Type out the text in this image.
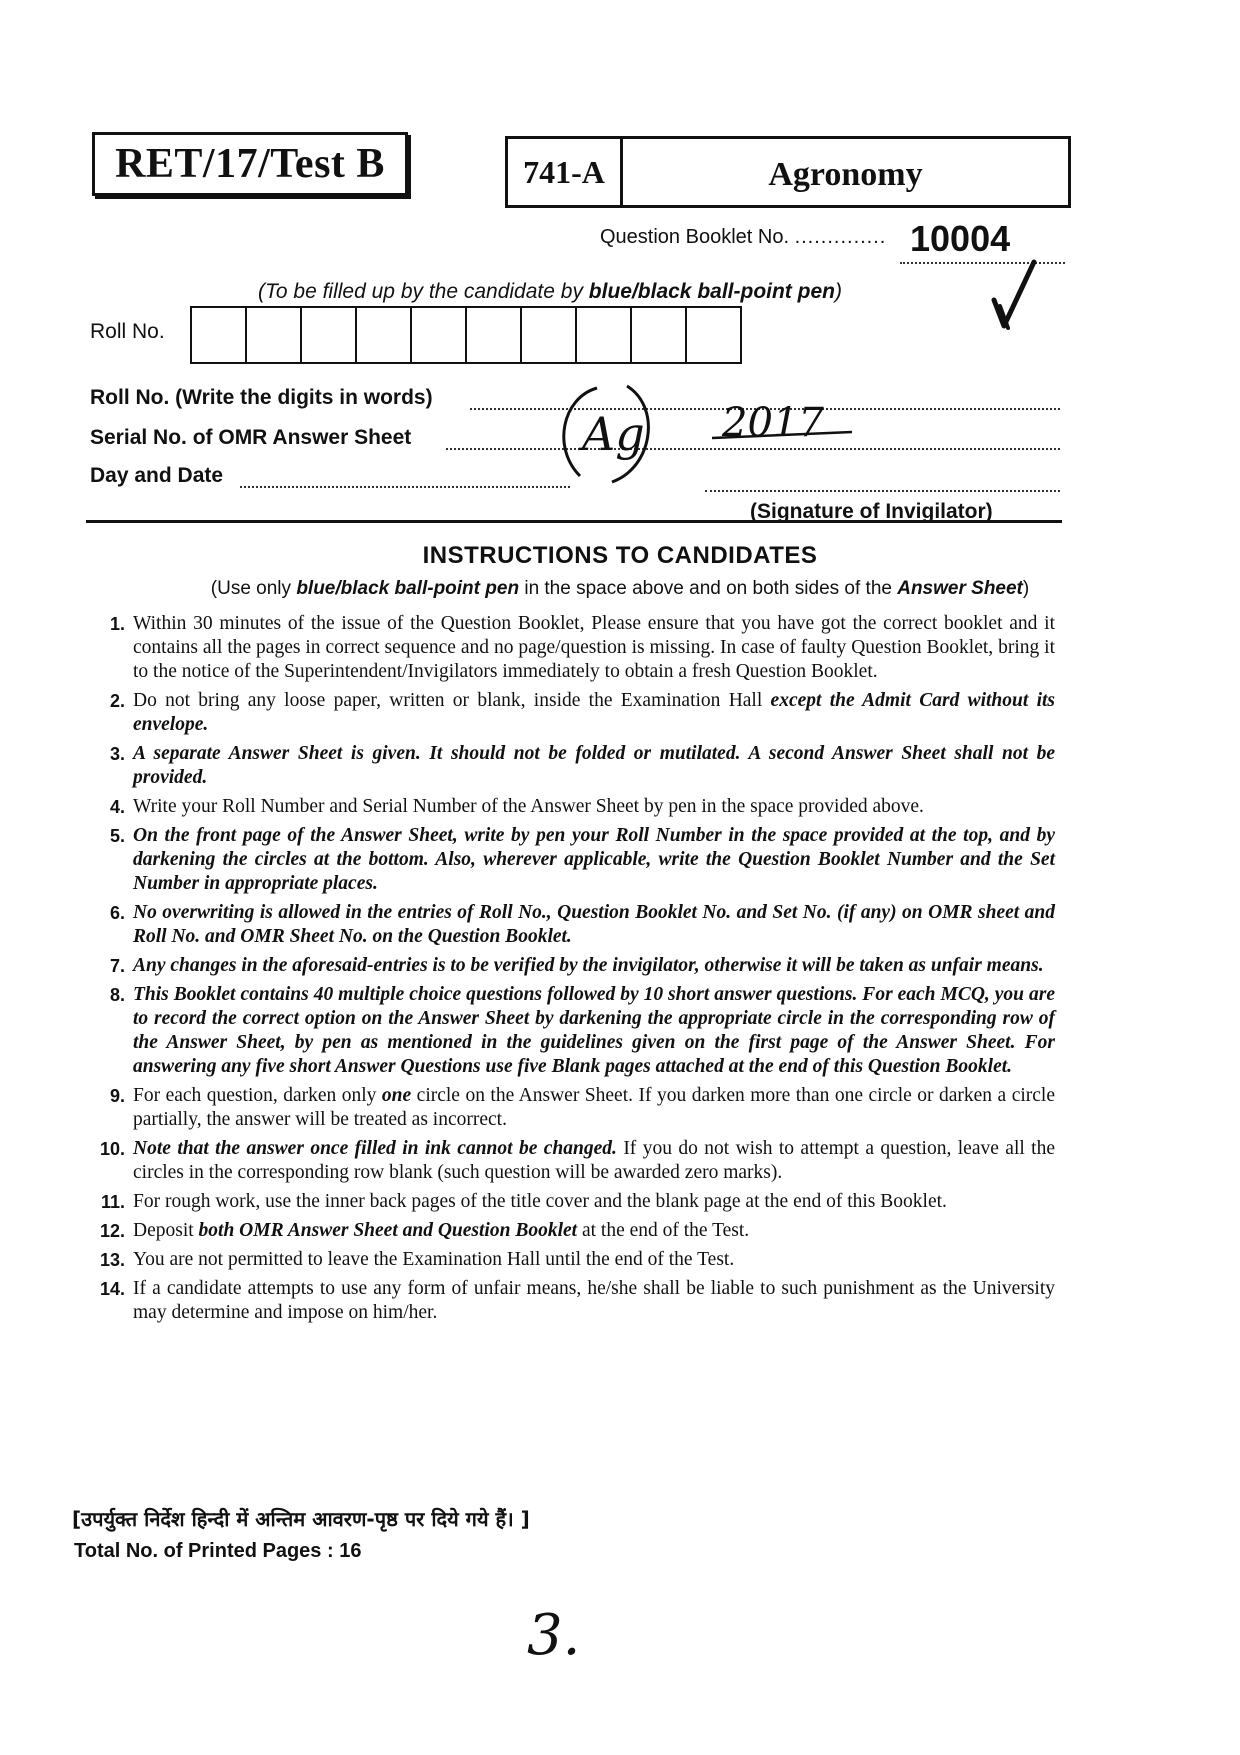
RET/17/Test B	741-A	Agronomy
Question Booklet No. .............. 10004
(To be filled up by the candidate by blue/black ball-point pen)
Roll No.
Roll No. (Write the digits in words)
Serial No. of OMR Answer Sheet
Day and Date
Ag 2017
(Signature of Invigilator)
INSTRUCTIONS TO CANDIDATES
(Use only blue/black ball-point pen in the space above and on both sides of the Answer Sheet)
1. Within 30 minutes of the issue of the Question Booklet, Please ensure that you have got the correct booklet and it contains all the pages in correct sequence and no page/question is missing. In case of faulty Question Booklet, bring it to the notice of the Superintendent/Invigilators immediately to obtain a fresh Question Booklet.
2. Do not bring any loose paper, written or blank, inside the Examination Hall except the Admit Card without its envelope.
3. A separate Answer Sheet is given. It should not be folded or mutilated. A second Answer Sheet shall not be provided.
4. Write your Roll Number and Serial Number of the Answer Sheet by pen in the space provided above.
5. On the front page of the Answer Sheet, write by pen your Roll Number in the space provided at the top, and by darkening the circles at the bottom. Also, wherever applicable, write the Question Booklet Number and the Set Number in appropriate places.
6. No overwriting is allowed in the entries of Roll No., Question Booklet No. and Set No. (if any) on OMR sheet and Roll No. and OMR Sheet No. on the Question Booklet.
7. Any changes in the aforesaid-entries is to be verified by the invigilator, otherwise it will be taken as unfair means.
8. This Booklet contains 40 multiple choice questions followed by 10 short answer questions. For each MCQ, you are to record the correct option on the Answer Sheet by darkening the appropriate circle in the corresponding row of the Answer Sheet, by pen as mentioned in the guidelines given on the first page of the Answer Sheet. For answering any five short Answer Questions use five Blank pages attached at the end of this Question Booklet.
9. For each question, darken only one circle on the Answer Sheet. If you darken more than one circle or darken a circle partially, the answer will be treated as incorrect.
10. Note that the answer once filled in ink cannot be changed. If you do not wish to attempt a question, leave all the circles in the corresponding row blank (such question will be awarded zero marks).
11. For rough work, use the inner back pages of the title cover and the blank page at the end of this Booklet.
12. Deposit both OMR Answer Sheet and Question Booklet at the end of the Test.
13. You are not permitted to leave the Examination Hall until the end of the Test.
14. If a candidate attempts to use any form of unfair means, he/she shall be liable to such punishment as the University may determine and impose on him/her.
[उपर्युक्त निर्देश हिन्दी में अन्तिम आवरण-पृष्ठ पर दिये गये हैं। ]
Total No. of Printed Pages : 16
3.
